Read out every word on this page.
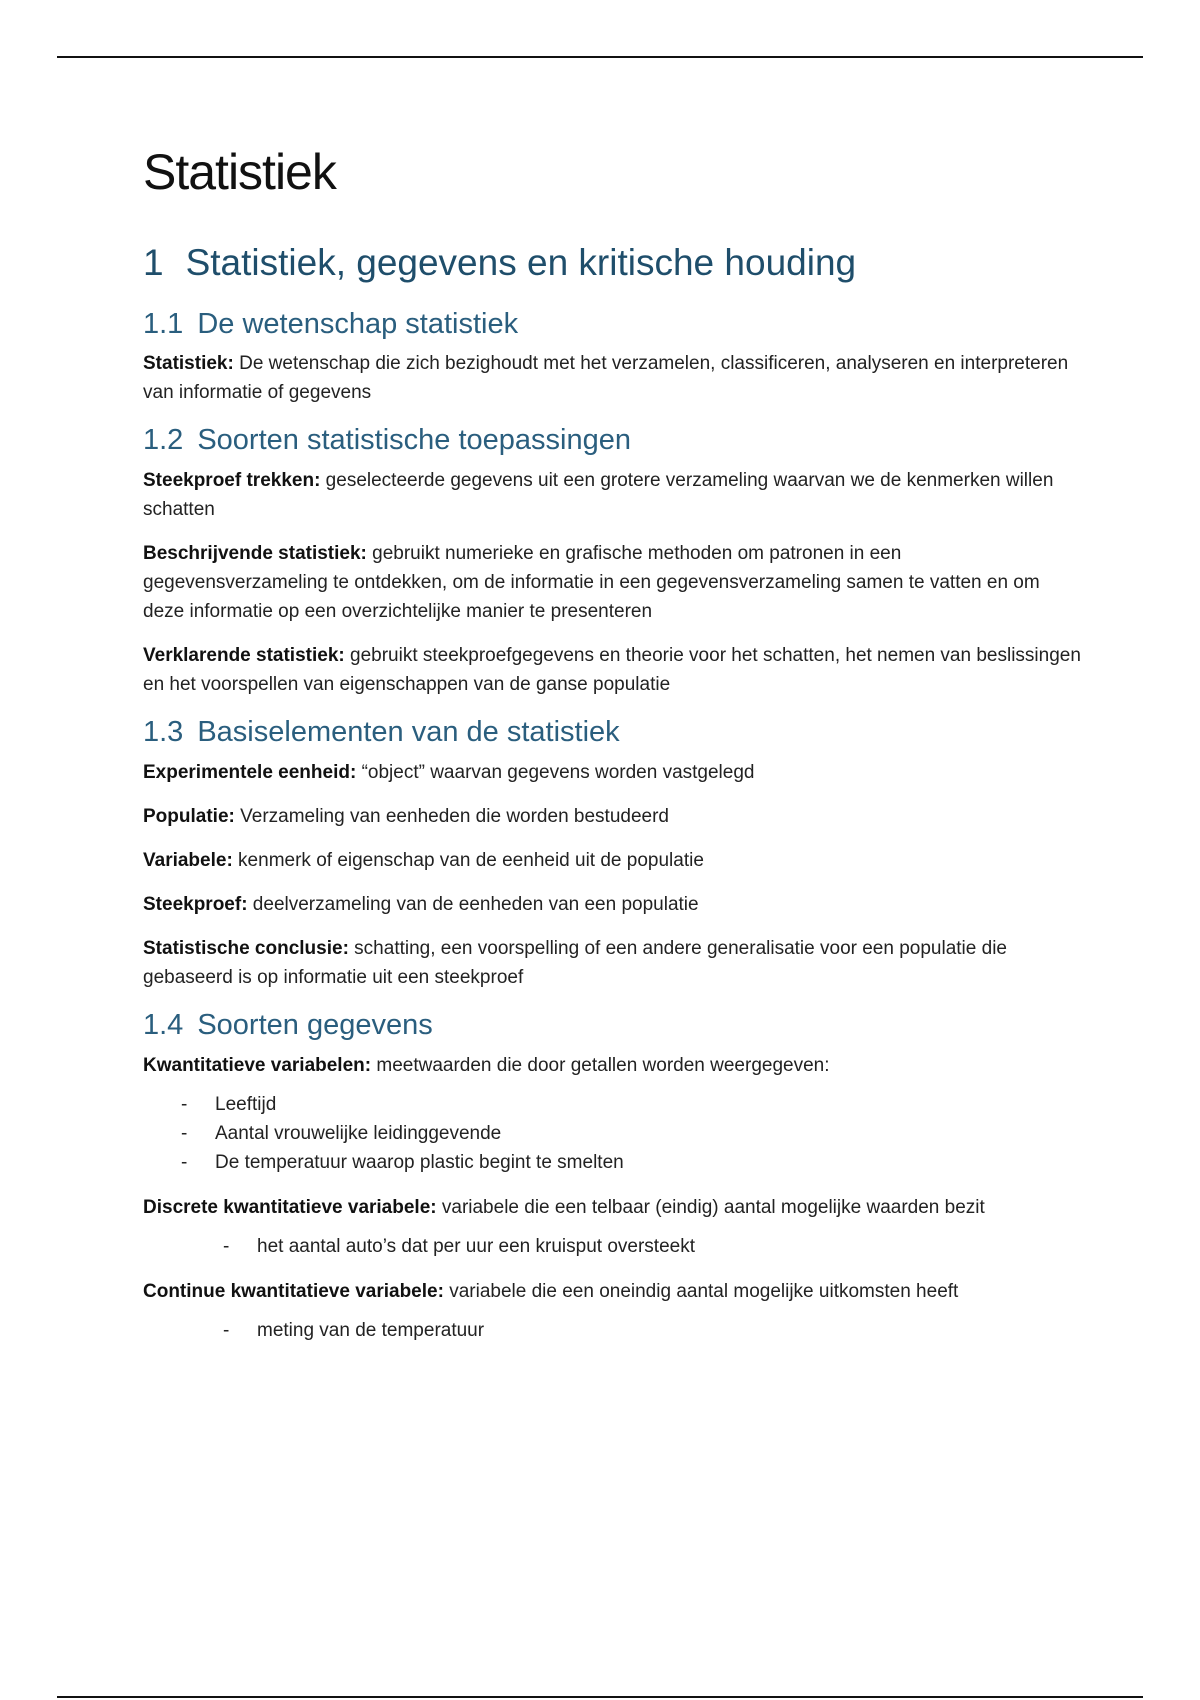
Statistiek
1 Statistiek, gegevens en kritische houding
1.1 De wetenschap statistiek

Statistiek: De wetenschap die zich bezighoudt met het verzamelen, classificeren, analyseren en interpreteren van informatie of gegevens

1.2 Soorten statistische toepassingen

Steekproef trekken: geselecteerde gegevens uit een grotere verzameling waarvan we de kenmerken willen schatten

Beschrijvende statistiek: gebruikt numerieke en grafische methoden om patronen in een gegevensverzameling te ontdekken, om de informatie in een gegevensverzameling samen te vatten en om deze informatie op een overzichtelijke manier te presenteren

Verklarende statistiek: gebruikt steekproefgegevens en theorie voor het schatten, het nemen van beslissingen en het voorspellen van eigenschappen van de ganse populatie

1.3 Basiselementen van de statistiek

Experimentele eenheid: “object” waarvan gegevens worden vastgelegd

Populatie: Verzameling van eenheden die worden bestudeerd

Variabele: kenmerk of eigenschap van de eenheid uit de populatie

Steekproef: deelverzameling van de eenheden van een populatie

Statistische conclusie: schatting, een voorspelling of een andere generalisatie voor een populatie die gebaseerd is op informatie uit een steekproef

1.4 Soorten gegevens

Kwantitatieve variabelen: meetwaarden die door getallen worden weergegeven:

- Leeftijd
- Aantal vrouwelijke leidinggevende
- De temperatuur waarop plastic begint te smelten

Discrete kwantitatieve variabele: variabele die een telbaar (eindig) aantal mogelijke waarden bezit

- het aantal auto’s dat per uur een kruisput oversteekt

Continue kwantitatieve variabele: variabele die een oneindig aantal mogelijke uitkomsten heeft

- meting van de temperatuur
